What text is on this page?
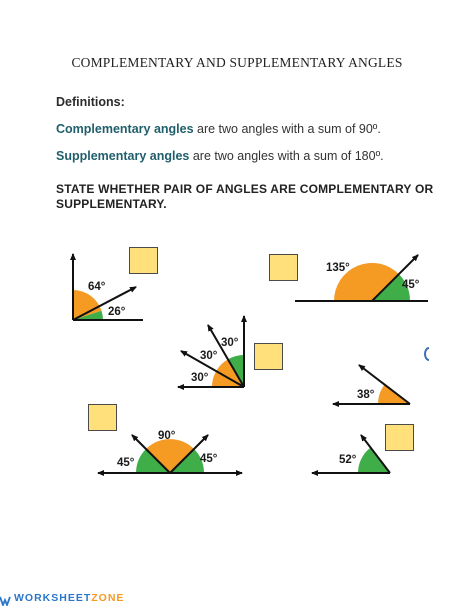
COMPLEMENTARY AND SUPPLEMENTARY ANGLES
Definitions:
Complementary angles are two angles with a sum of 90º.
Supplementary angles are two angles with a sum of 180º.
STATE WHETHER PAIR OF ANGLES ARE COMPLEMENTARY OR SUPPLEMENTARY.
64°
26°
135°
45°
30°
30°
30°
38°
90°
45°	45°	52°
WORKSHEETZONE
